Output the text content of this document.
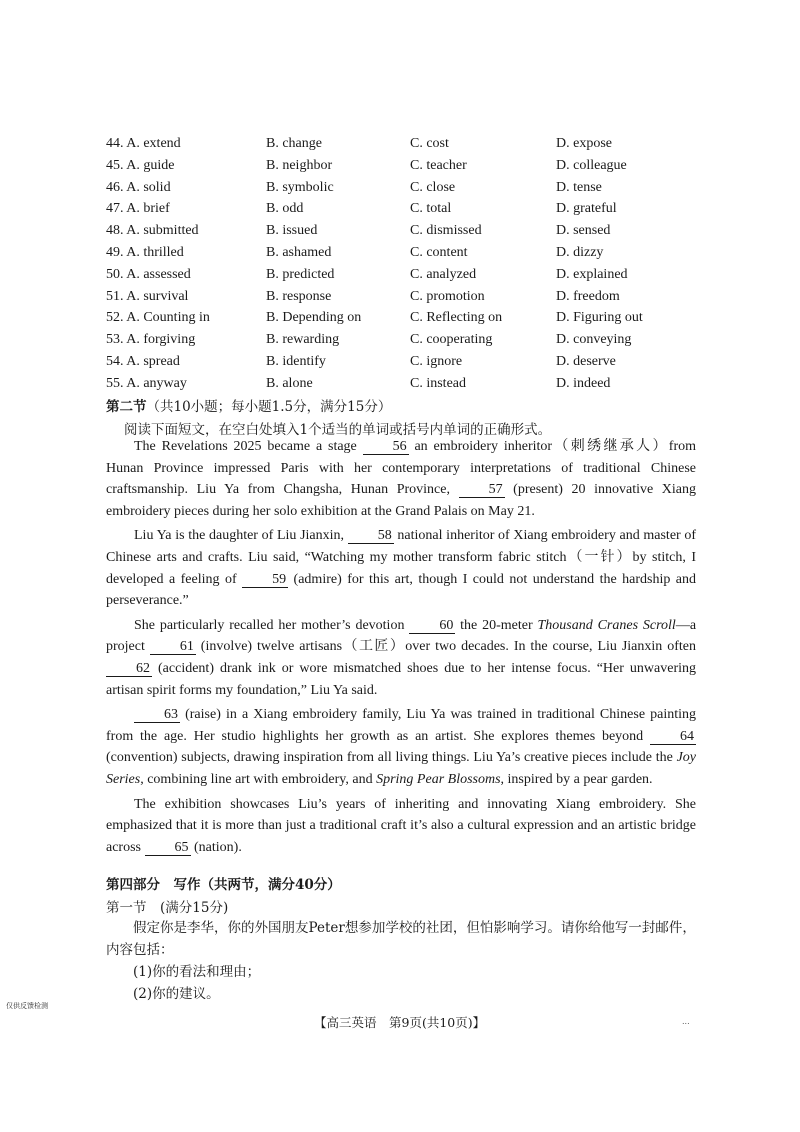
44. A. extend	B. change	C. cost	D. expose
45. A. guide	B. neighbor	C. teacher	D. colleague
46. A. solid	B. symbolic	C. close	D. tense
47. A. brief	B. odd	C. total	D. grateful
48. A. submitted	B. issued	C. dismissed	D. sensed
49. A. thrilled	B. ashamed	C. content	D. dizzy
50. A. assessed	B. predicted	C. analyzed	D. explained
51. A. survival	B. response	C. promotion	D. freedom
52. A. Counting in	B. Depending on	C. Reflecting on	D. Figuring out
53. A. forgiving	B. rewarding	C. cooperating	D. conveying
54. A. spread	B. identify	C. ignore	D. deserve
55. A. anyway	B. alone	C. instead	D. indeed
第二节（共10小题；每小题1.5分，满分15分）
阅读下面短文，在空白处填入1个适当的单词或括号内单词的正确形式。

The Revelations 2025 became a stage	56 an embroidery inheritor（刺绣继承人）from Hunan Province impressed Paris with her contemporary interpretations of traditional Chinese craftsmanship. Liu Ya from Changsha, Hunan Province,	57 (present) 20 innovative Xiang embroidery pieces during her solo exhibition at the Grand Palais on May 21.

Liu Ya is the daughter of Liu Jianxin, 58 national inheritor of Xiang embroidery and master of Chinese arts and crafts. Liu said, “Watching my mother transform fabric stitch（一针）by stitch, I developed a feeling of	59 (admire) for this art, though I could not understand the hardship and perseverance.”

She particularly recalled her mother’s devotion 60 the 20-meter Thousand Cranes Scroll—a project 61 (involve) twelve artisans（工匠）over two decades. In the course, Liu Jianxin often 62 (accident) drank ink or wore mismatched shoes due to her intense focus. “Her unwavering artisan spirit forms my foundation,” Liu Ya said.

63 (raise) in a Xiang embroidery family, Liu Ya was trained in traditional Chinese painting from the age. Her studio highlights her growth as an artist. She explores themes beyond	64 (convention) subjects, drawing inspiration from all living things. Liu Ya’s creative pieces include the Joy Series, combining line art with embroidery, and Spring Pear Blossoms, inspired by a pear garden.

The exhibition showcases Liu’s years of inheriting and innovating Xiang embroidery. She emphasized that it is more than just a traditional craft it’s also a cultural expression and an artistic bridge across 65 (nation).

第四部分　写作（共两节，满分40分）
第一节　(满分15分)

假定你是李华，你的外国朋友Peter想参加学校的社团，但怕影响学习。请你给他写一封邮件，内容包括：

(1)你的看法和理由；

(2)你的建议。

仅供反馈检测
【高三英语　第9页(共10页)】	...
